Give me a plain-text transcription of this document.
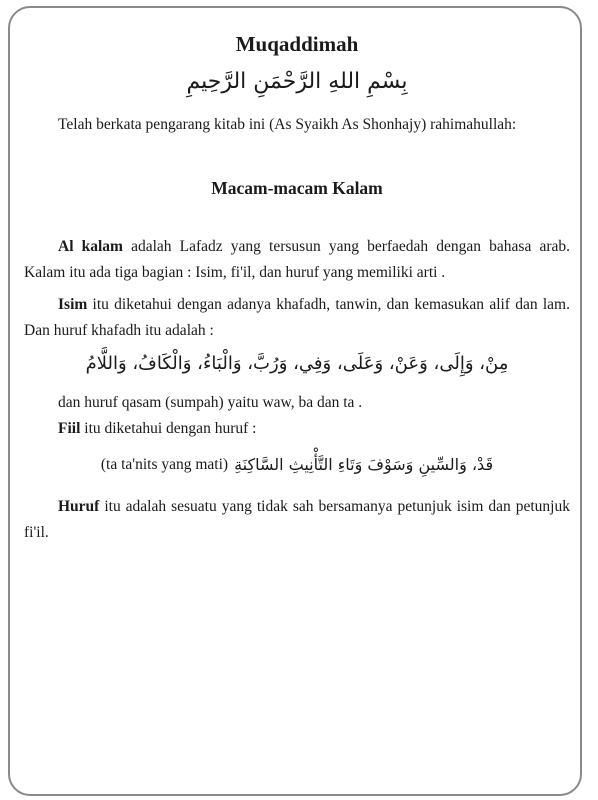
Muqaddimah
بِسْمِ اللهِ الرَّحْمَنِ الرَّحِيمِ

Telah berkata pengarang kitab ini (As Syaikh As Shonhajy) rahimahullah:

Macam-macam Kalam

Al kalam adalah Lafadz yang tersusun yang berfaedah dengan bahasa arab. Kalam itu ada tiga bagian : Isim, fi'il, dan huruf yang memiliki arti .

Isim itu diketahui dengan adanya khafadh, tanwin, dan kemasukan alif dan lam. Dan huruf khafadh itu adalah :

مِنْ، وَإِلَى، وَعَنْ، وَعَلَى، وَفِي، وَرُبَّ، وَالْبَاءُ، وَالْكَافُ، وَاللَّامُ

dan huruf qasam (sumpah) yaitu waw, ba dan ta .

Fiil itu diketahui dengan huruf :

(ta ta'nits yang mati) قَدْ، وَالسِّينِ وَسَوْفَ وَتَاءِ التَّأْنِيثِ السَّاكِنَةِ

Huruf itu adalah sesuatu yang tidak sah bersamanya petunjuk isim dan petunjuk fi'il.
